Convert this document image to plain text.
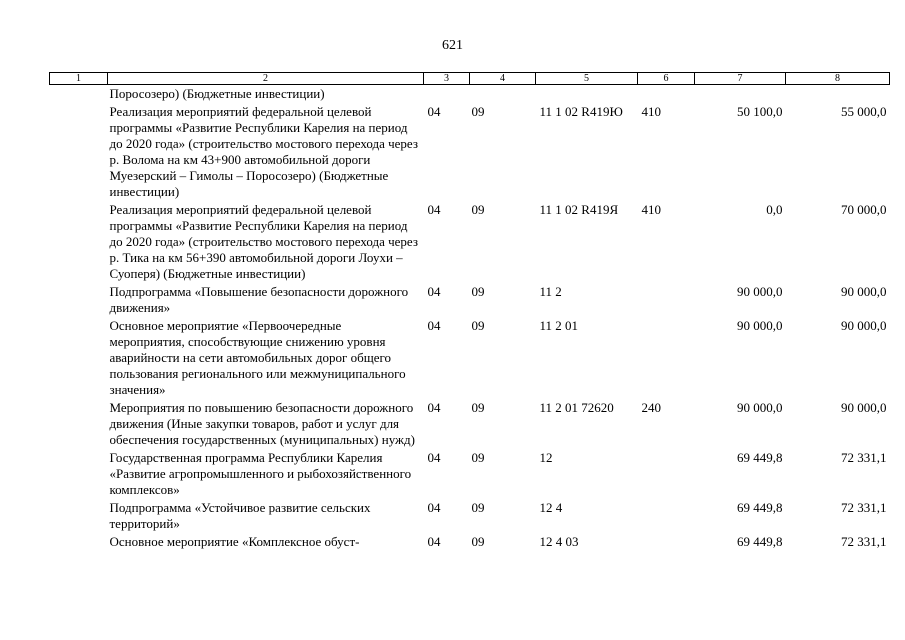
621
1	2	3	4	5	6	7	8
	Поросозеро) (Бюджетные инвестиции)						
	Реализация мероприятий федеральной целевой программы «Развитие Республики Карелия на период до 2020 года» (строительство мостового перехода через р. Волома на км 43+900 автомобильной дороги Муезерский – Гимолы – Поросозеро) (Бюджетные инвестиции)	04	09	11 1 02 R419Ю	410	50 100,0	55 000,0
	Реализация мероприятий федеральной целевой программы «Развитие Республики Карелия на период до 2020 года» (строительство мостового перехода через р. Тика на км 56+390 автомобильной дороги Лоухи – Суоперя) (Бюджетные инвестиции)	04	09	11 1 02 R419Я	410	0,0	70 000,0
	Подпрограмма «Повышение безопасности дорожного движения»	04	09	11 2		90 000,0	90 000,0
	Основное мероприятие «Первоочередные мероприятия, способствующие снижению уровня аварийности на сети автомобильных дорог общего пользования регионального или межмуниципального значения»	04	09	11 2 01		90 000,0	90 000,0
	Мероприятия по повышению безопасности дорожного движения (Иные закупки товаров, работ и услуг для обеспечения государственных (муниципальных) нужд)	04	09	11 2 01 72620	240	90 000,0	90 000,0
	Государственная программа Республики Карелия «Развитие агропромышленного и рыбохозяйственного комплексов»	04	09	12		69 449,8	72 331,1
	Подпрограмма «Устойчивое развитие сельских территорий»	04	09	12 4		69 449,8	72 331,1
	Основное мероприятие «Комплексное обуст-	04	09	12 4 03		69 449,8	72 331,1
